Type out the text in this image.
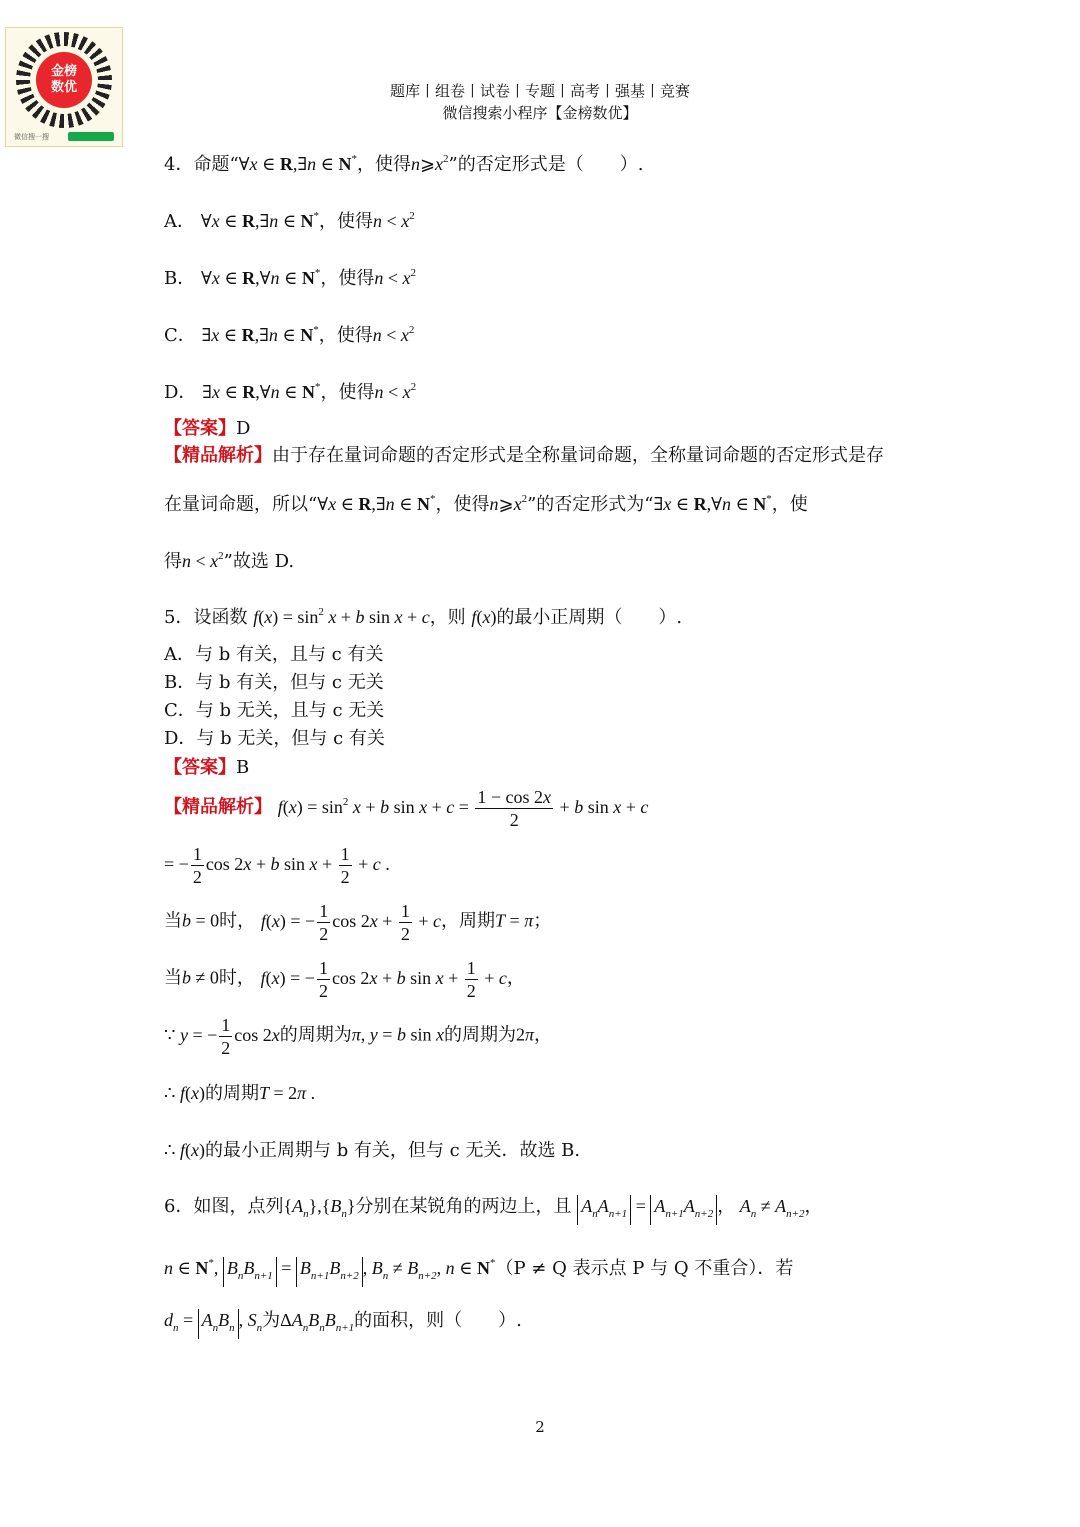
金榜
数优
微信搜一搜
题库丨组卷丨试卷丨专题丨高考丨强基丨竞赛
微信搜索小程序【金榜数优】
4．命题“∀x ∈ R,∃n ∈ N*，使得$n⩾x^2$”的否定形式是（　　）.
A． ∀x ∈ R,∃n ∈ N*，使得$n < x^2$
B． ∀x ∈ R,∀n ∈ N*，使得$n < x^2$
C． ∃x ∈ R,∃n ∈ N*，使得$n < x^2$
D． ∃x ∈ R,∀n ∈ N*，使得$n < x^2$
【答案】D
【精品解析】由于存在量词命题的否定形式是全称量词命题，全称量词命题的否定形式是存
在量词命题，所以“∀x ∈ R,∃n ∈ N*，使得$n⩾x^2$”的否定形式为“∃x ∈ R,∀n ∈ N*，使
得$n < x^2$”故选 D.
5．设函数 $f(x) = \sin^2 x + b$ sin x + c，则 f(x)的最小正周期（　　）.
A．与 b 有关，且与 c 有关
B．与 b 有关，但与 c 无关
C．与 b 无关，且与 c 无关
D．与 b 无关，但与 c 有关
【答案】B
【精品解析】 $f(x) = \sin^2 x + b$ $\sin x + c = \frac{1 - \cos 2x}{2} + b$ sin x + c
= − $\frac{1}{2}$ cos 2x + b $\sin x + \frac{1}{2} + c$ .
当b = 0时， f(x) = − $\frac{1}{2}$ $\cos 2x + \frac{1}{2} + c$，周期T = π；
当b ≠ 0时， f(x) = − $\frac{1}{2}$ cos 2x + b $\sin x + \frac{1}{2} + c$，
∵ y = − $\frac{1}{2}$ cos 2x的周期为π, y = b sin x的周期为2π，
∴ f(x)的周期T = 2π .
∴ f(x)的最小正周期与 b 有关，但与 c 无关．故选 B.
6．如图，点列$\{A_n\},\{B_n\}$分别在某锐角的两边上，且 $A_nA_{n+1} = A_{n+1}A_{n+2}$ ， $A_n \ne A_{n+2}$，
n ∈ N*, $B_nB_{n+1} = B_{n+1}B_{n+2}$ , $B_n \ne B_{n+2}$, n ∈ N*（P ≠ Q 表示点 P 与 Q 不重合）．若
$d_n = A_nB_n$ , $S_n$为$\Delta A_nB_nB_{n+1}$的面积，则（　　）.
2
